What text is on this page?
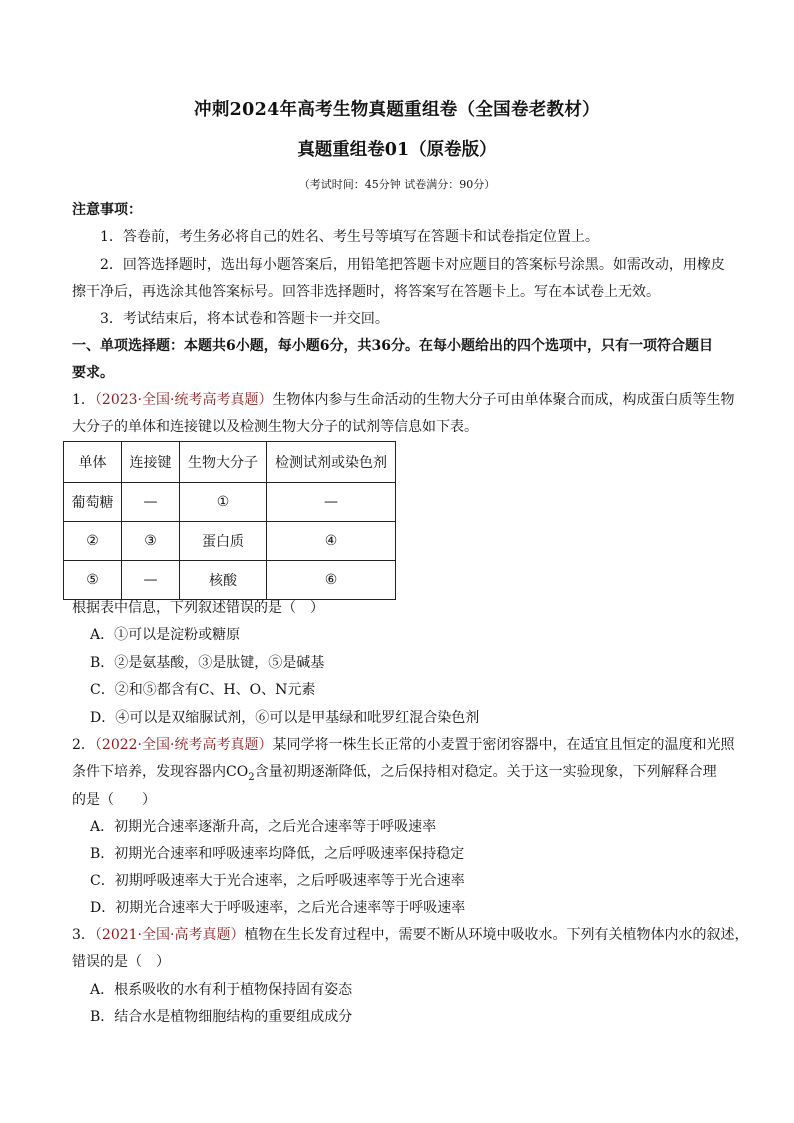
冲刺2024年高考生物真题重组卷（全国卷老教材）
真题重组卷01（原卷版）
（考试时间：45分钟 试卷满分：90分）
注意事项：
1．答卷前，考生务必将自己的姓名、考生号等填写在答题卡和试卷指定位置上。
2．回答选择题时，选出每小题答案后，用铅笔把答题卡对应题目的答案标号涂黑。如需改动，用橡皮
擦干净后，再选涂其他答案标号。回答非选择题时，将答案写在答题卡上。写在本试卷上无效。
3．考试结束后，将本试卷和答题卡一并交回。
一、单项选择题：本题共6小题，每小题6分，共36分。在每小题给出的四个选项中，只有一项符合题目
要求。
1．（2023·全国·统考高考真题）生物体内参与生命活动的生物大分子可由单体聚合而成，构成蛋白质等生物
大分子的单体和连接键以及检测生物大分子的试剂等信息如下表。
单体	连接键	生物大分子	检测试剂或染色剂
葡萄糖	—	①	—
②	③	蛋白质	④
⑤	—	核酸	⑥
根据表中信息，下列叙述错误的是（　）
A．①可以是淀粉或糖原
B．②是氨基酸，③是肽键，⑤是碱基
C．②和⑤都含有C、H、O、N元素
D．④可以是双缩脲试剂，⑥可以是甲基绿和吡罗红混合染色剂
2．（2022·全国·统考高考真题）某同学将一株生长正常的小麦置于密闭容器中，在适宜且恒定的温度和光照
条件下培养，发现容器内$CO_2$含量初期逐渐降低，之后保持相对稳定。关于这一实验现象，下列解释合理
的是（　　）
A．初期光合速率逐渐升高，之后光合速率等于呼吸速率
B．初期光合速率和呼吸速率均降低，之后呼吸速率保持稳定
C．初期呼吸速率大于光合速率，之后呼吸速率等于光合速率
D．初期光合速率大于呼吸速率，之后光合速率等于呼吸速率
3．（2021·全国·高考真题）植物在生长发育过程中，需要不断从环境中吸收水。下列有关植物体内水的叙述，
错误的是（　）
A．根系吸收的水有利于植物保持固有姿态
B．结合水是植物细胞结构的重要组成成分
